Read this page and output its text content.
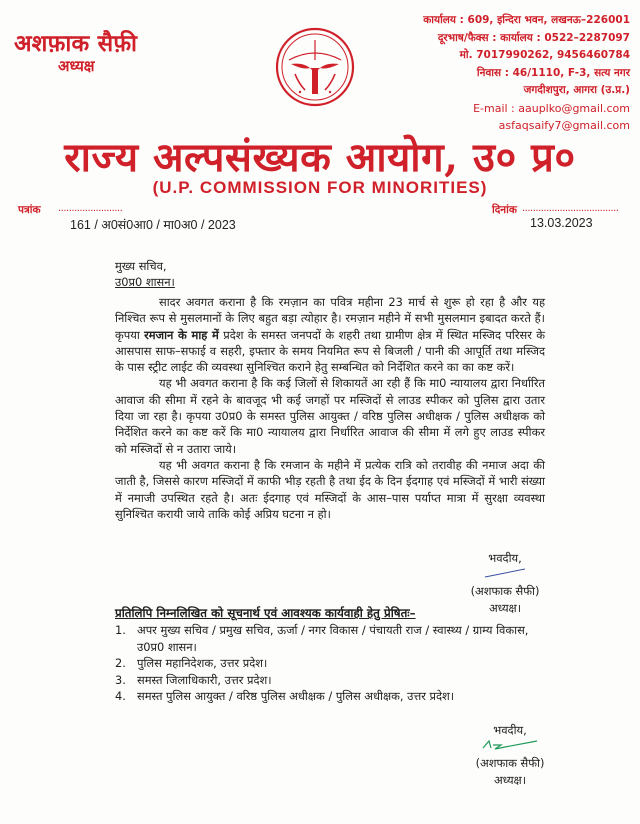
अशफ़ाक सैफ़ी
अध्यक्ष
कार्यालय : 609, इन्दिरा भवन, लखनऊ–226001
दूरभाष/फैक्स : कार्यालय : 0522–2287097
मो. 7017990262, 9456460784
निवास : 46/1110, F-3, सत्य नगर
जगदीशपुरा, आगरा (उ.प्र.)
E-mail : aauplko@gmail.com
asfaqsaify7@gmail.com
राज्य अल्पसंख्यक आयोग, उ० प्र०
(U.P. COMMISSION FOR MINORITIES)
पत्रांक ........................
161 / अ0सं0आ0 / मा0अ0 / 2023
दिनांक ....................................
13.03.2023
मुख्य सचिव,
उ0प्र0 शासन।

सादर अवगत कराना है कि रमज़ान का पवित्र महीना 23 मार्च से शुरू हो रहा है और यह निश्चित रूप से मुसलमानों के लिए बहुत बड़ा त्योहार है। रमज़ान महीने में सभी मुसलमान इबादत करते हैं। कृपया रमजान के माह में प्रदेश के समस्त जनपदों के शहरी तथा ग्रामीण क्षेत्र में स्थित मस्जिद परिसर के आसपास साफ–सफाई व सहरी, इफ्तार के समय नियमित रूप से बिजली / पानी की आपूर्ति तथा मस्जिद के पास स्ट्रीट लाईट की व्यवस्था सुनिश्चित कराने हेतु सम्बन्धित को निर्देशित करने का का कष्ट करें।

यह भी अवगत कराना है कि कई जिलों से शिकायतें आ रही हैं कि मा0 न्यायालय द्वारा निर्धारित आवाज की सीमा में रहने के बावजूद भी कई जगहों पर मस्जिदों से लाउड स्पीकर को पुलिस द्वारा उतार दिया जा रहा है। कृपया उ0प्र0 के समस्त पुलिस आयुक्त / वरिष्ठ पुलिस अधीक्षक / पुलिस अधीक्षक को निर्देशित करने का कष्ट करें कि मा0 न्यायालय द्वारा निर्धारित आवाज की सीमा में लगे हुए लाउड स्पीकर को मस्जिदों से न उतारा जाये।

यह भी अवगत कराना है कि रमजान के महीने में प्रत्येक रात्रि को तरावीह की नमाज अदा की जाती है, जिससे कारण मस्जिदों में काफी भीड़ रहती है तथा ईद के दिन ईदगाह एवं मस्जिदों में भारी संख्या में नमाजी उपस्थित रहते है। अतः ईदगाह एवं मस्जिदों के आस–पास पर्याप्त मात्रा में सुरक्षा व्यवस्था सुनिश्चित करायी जाये ताकि कोई अप्रिय घटना न हो।

भवदीय,
(अशफाक सैफी)
अध्यक्ष।
प्रतिलिपि निम्नलिखित को सूचनार्थ एवं आवश्यक कार्यवाही हेतु प्रेषितः–
1. अपर मुख्य सचिव / प्रमुख सचिव, ऊर्जा / नगर विकास / पंचायती राज / स्वास्थ्य / ग्राम्य विकास, उ0प्र0 शासन।
2. पुलिस महानिदेशक, उत्तर प्रदेश।
3. समस्त जिलाधिकारी, उत्तर प्रदेश।
4. समस्त पुलिस आयुक्त / वरिष्ठ पुलिस अधीक्षक / पुलिस अधीक्षक, उत्तर प्रदेश।
भवदीय,
(अशफाक सैफी)
अध्यक्ष।
